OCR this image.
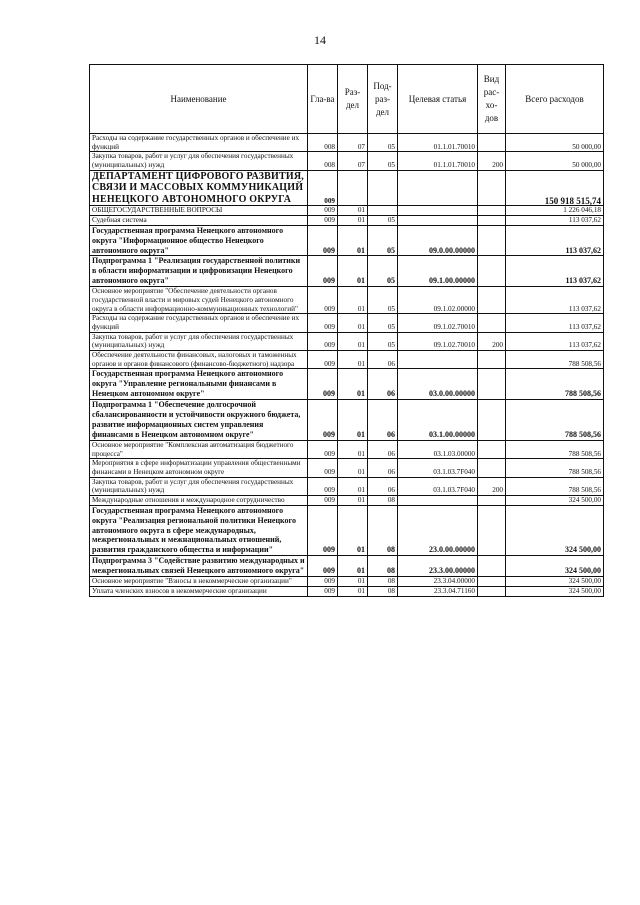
14
Наименование	Гла-ва	Раз-дел	Под-раз-дел	Целевая статья	Вид рас-хо-дов	Всего расходов
Расходы на содержание государственных органов и обеспечение их функций	008	07	05	01.1.01.70010		50 000,00
Закупка товаров, работ и услуг для обеспечения государственных (муниципальных) нужд	008	07	05	01.1.01.70010	200	50 000,00
ДЕПАРТАМЕНТ ЦИФРОВОГО РАЗВИТИЯ, СВЯЗИ И МАССОВЫХ КОММУНИКАЦИЙ НЕНЕЦКОГО АВТОНОМНОГО ОКРУГА	009					150 918 515,74
ОБЩЕГОСУДАРСТВЕННЫЕ ВОПРОСЫ	009	01				1 226 046,18
Судебная система	009	01	05			113 037,62
Государственная программа Ненецкого автономного округа "Информационное общество Ненецкого автономного округа"	009	01	05	09.0.00.00000		113 037,62
Подпрограмма 1 "Реализация государственной политики в области информатизации и цифровизации Ненецкого автономного округа"	009	01	05	09.1.00.00000		113 037,62
Основное мероприятие "Обеспечение деятельности органов государственной власти и мировых судей Ненецкого автономного округа в области информационно-коммуникационных технологий"	009	01	05	09.1.02.00000		113 037,62
Расходы на содержание государственных органов и обеспечение их функций	009	01	05	09.1.02.70010		113 037,62
Закупка товаров, работ и услуг для обеспечения государственных (муниципальных) нужд	009	01	05	09.1.02.70010	200	113 037,62
Обеспечение деятельности финансовых, налоговых и таможенных органов и органов финансового (финансово-бюджетного) надзора	009	01	06			788 508,56
Государственная программа Ненецкого автономного округа "Управление региональными финансами в Ненецком автономном округе"	009	01	06	03.0.00.00000		788 508,56
Подпрограмма 1 "Обеспечение долгосрочной сбалансированности и устойчивости окружного бюджета, развитие информационных систем управления финансами в Ненецком автономном округе"	009	01	06	03.1.00.00000		788 508,56
Основное мероприятие "Комплексная автоматизация бюджетного процесса"	009	01	06	03.1.03.00000		788 508,56
Мероприятия в сфере информатизации управления общественными финансами в Ненецком автономном округе	009	01	06	03.1.03.7F040		788 508,56
Закупка товаров, работ и услуг для обеспечения государственных (муниципальных) нужд	009	01	06	03.1.03.7F040	200	788 508,56
Международные отношения и международное сотрудничество	009	01	08			324 500,00
Государственная программа Ненецкого автономного округа "Реализация региональной политики Ненецкого автономного округа в сфере международных, межрегиональных и межнациональных отношений, развития гражданского общества и информации"	009	01	08	23.0.00.00000		324 500,00
Подпрограмма 3 "Содействие развитию международных и межрегиональных связей Ненецкого автономного округа"	009	01	08	23.3.00.00000		324 500,00
Основное мероприятие "Взносы в некоммерческие организации"	009	01	08	23.3.04.00000		324 500,00
Уплата членских взносов в некоммерческие организации	009	01	08	23.3.04.71160		324 500,00
